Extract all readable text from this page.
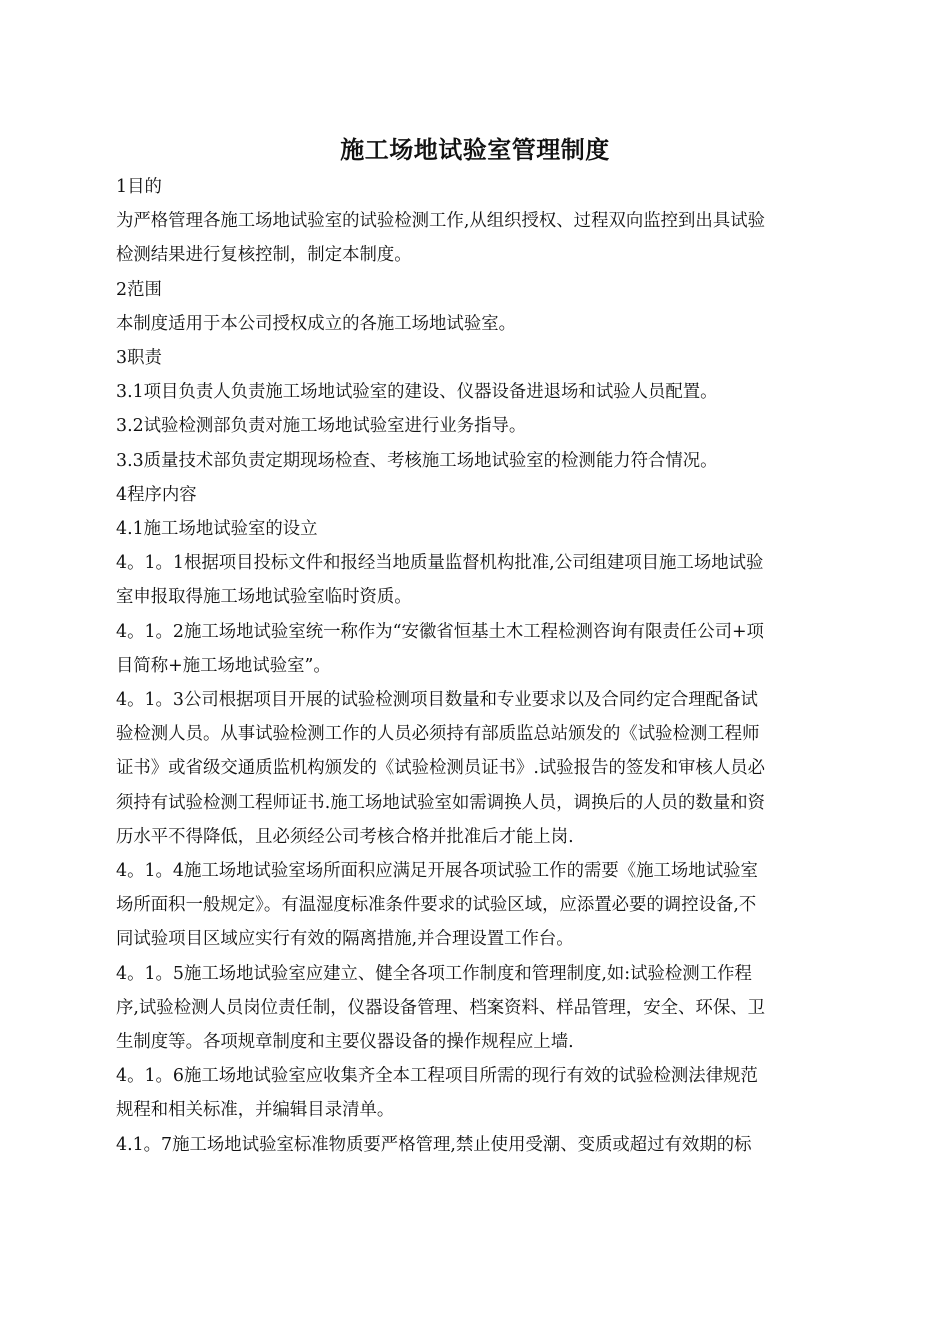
施工场地试验室管理制度

1目的

为严格管理各施工场地试验室的试验检测工作,从组织授权、过程双向监控到出具试验

检测结果进行复核控制，制定本制度。

2范围

本制度适用于本公司授权成立的各施工场地试验室。

3职责

3.1项目负责人负责施工场地试验室的建设、仪器设备进退场和试验人员配置。

3.2试验检测部负责对施工场地试验室进行业务指导。

3.3质量技术部负责定期现场检查、考核施工场地试验室的检测能力符合情况。

4程序内容

4.1施工场地试验室的设立

4。1。1根据项目投标文件和报经当地质量监督机构批准,公司组建项目施工场地试验

室申报取得施工场地试验室临时资质。

4。1。2施工场地试验室统一称作为“安徽省恒基土木工程检测咨询有限责任公司+项

目简称+施工场地试验室”。

4。1。3公司根据项目开展的试验检测项目数量和专业要求以及合同约定合理配备试

验检测人员。从事试验检测工作的人员必须持有部质监总站颁发的《试验检测工程师

证书》或省级交通质监机构颁发的《试验检测员证书》.试验报告的签发和审核人员必

须持有试验检测工程师证书.施工场地试验室如需调换人员，调换后的人员的数量和资

历水平不得降低，且必须经公司考核合格并批准后才能上岗.

4。1。4施工场地试验室场所面积应满足开展各项试验工作的需要《施工场地试验室

场所面积一般规定》。有温湿度标准条件要求的试验区域，应添置必要的调控设备,不

同试验项目区域应实行有效的隔离措施,并合理设置工作台。

4。1。5施工场地试验室应建立、健全各项工作制度和管理制度,如:试验检测工作程

序,试验检测人员岗位责任制，仪器设备管理、档案资料、样品管理，安全、环保、卫

生制度等。各项规章制度和主要仪器设备的操作规程应上墙.

4。1。6施工场地试验室应收集齐全本工程项目所需的现行有效的试验检测法律规范

规程和相关标准，并编辑目录清单。

4.1。7施工场地试验室标准物质要严格管理,禁止使用受潮、变质或超过有效期的标
